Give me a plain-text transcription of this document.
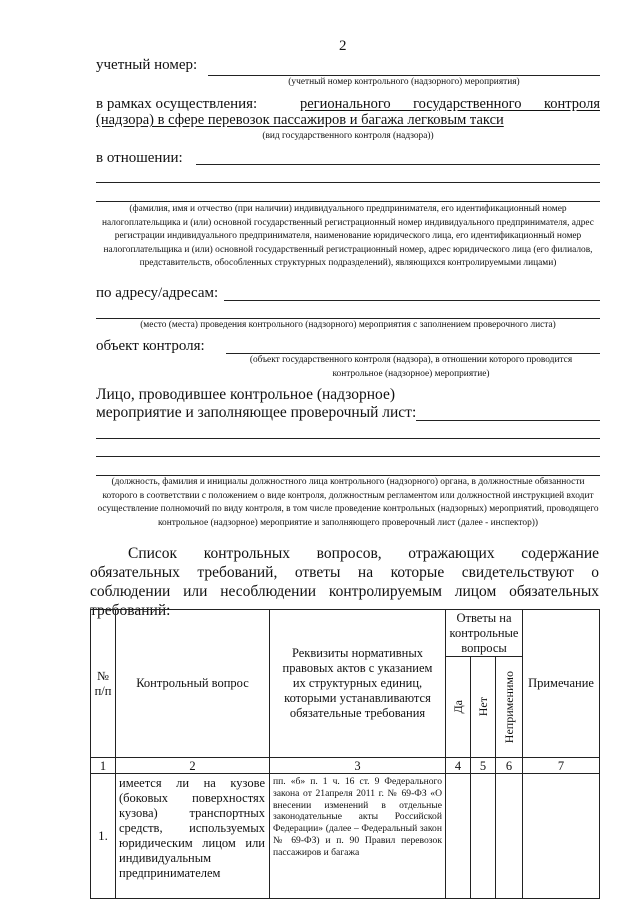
2
учетный номер:
(учетный номер контрольного (надзорного) мероприятия)
в рамках осуществления:	регионального государственного контроля
(надзора) в сфере перевозок пассажиров и багажа легковым такси
(вид государственного контроля (надзора))
в отношении:
(фамилия, имя и отчество (при наличии) индивидуального предпринимателя, его идентификационный номер налогоплательщика и (или) основной государственный регистрационный номер индивидуального предпринимателя, адрес регистрации индивидуального предпринимателя, наименование юридического лица, его идентификационный номер налогоплательщика и (или) основной государственный регистрационный номер, адрес юридического лица (его филиалов, представительств, обособленных структурных подразделений), являющихся контролируемыми лицами)
по адресу/адресам:
(место (места) проведения контрольного (надзорного) мероприятия с заполнением проверочного листа)
объект контроля:
(объект государственного контроля (надзора), в отношении которого проводится контрольное (надзорное) мероприятие)
Лицо, проводившее контрольное (надзорное)
мероприятие и заполняющее проверочный лист:
(должность, фамилия и инициалы должностного лица контрольного (надзорного) органа, в должностные обязанности которого в соответствии с положением о виде контроля, должностным регламентом или должностной инструкцией входит осуществление полномочий по виду контроля, в том числе проведение контрольных (надзорных) мероприятий, проводящего контрольное (надзорное) мероприятие и заполняющего проверочный лист (далее - инспектор))
Список контрольных вопросов, отражающих содержание обязательных требований, ответы на которые свидетельствуют о соблюдении или несоблюдении контролируемым лицом обязательных требований:
№ п/п	Контрольный вопрос	Реквизиты нормативных правовых актов с указанием их структурных единиц, которыми устанавливаются обязательные требования	Ответы на контрольные вопросы			Примечание

			Да	Нет	Неприменимо	

1	2	3	4	5	6	7
1.	имеется ли на кузове (боковых поверхностях кузова) транспортных средств, используемых юридическим лицом или индивидуальным предпринимателем	пп. «б» п. 1 ч. 16 ст. 9 Федерального закона от 21апреля 2011 г. № 69-ФЗ «О внесении изменений в отдельные законодательные акты Российской Федерации» (далее – Федеральный закон № 69-ФЗ) и п. 90 Правил перевозок пассажиров и багажа				
